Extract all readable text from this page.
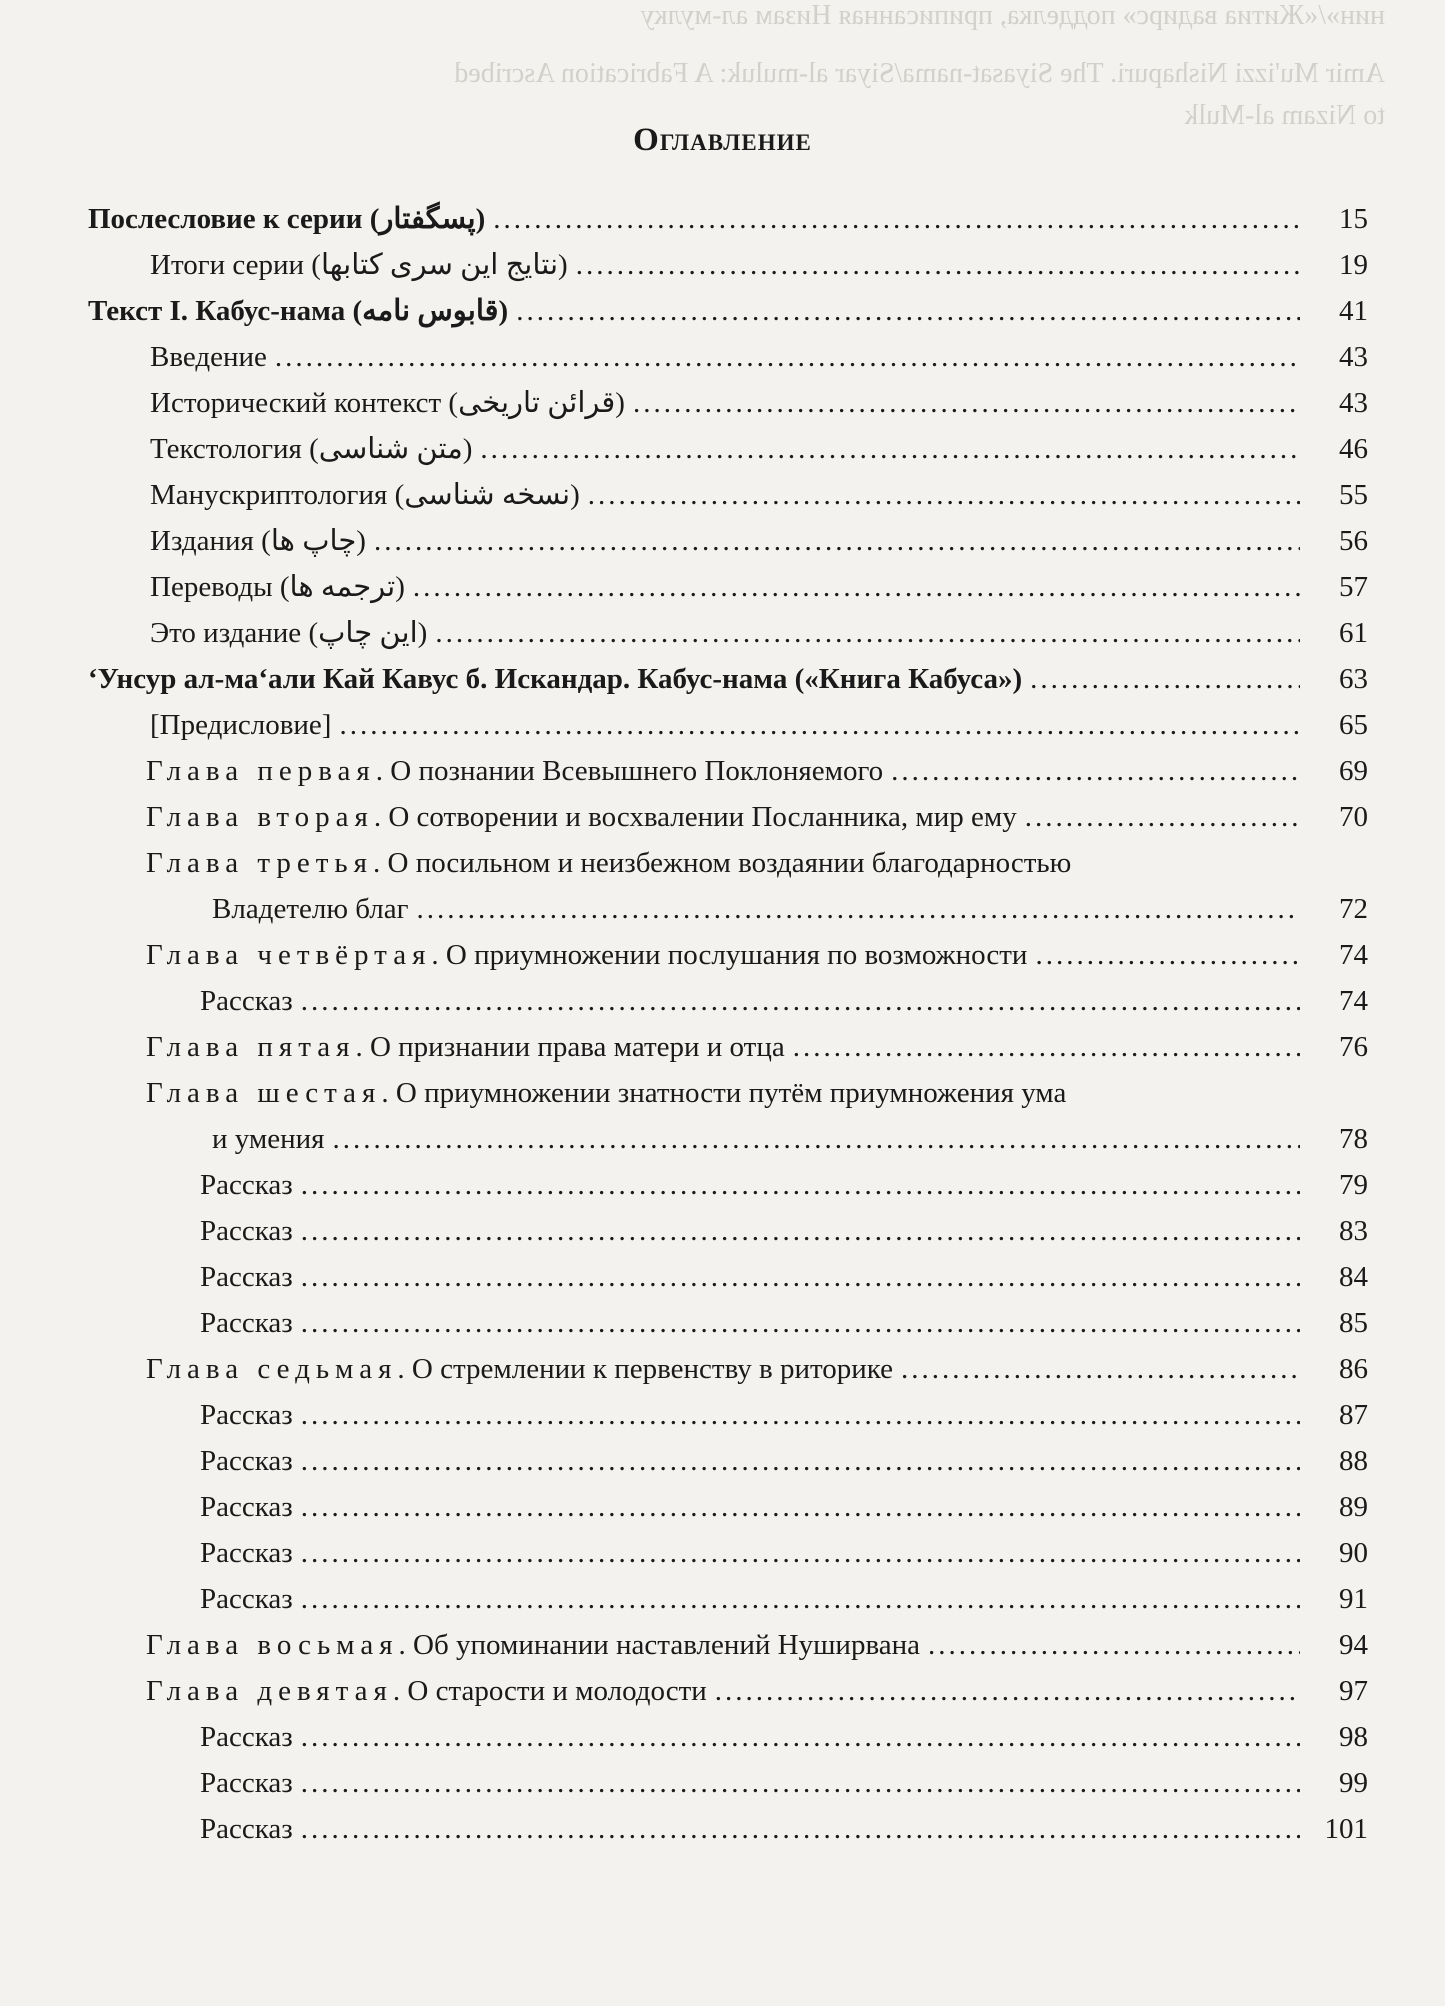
нин»/«Житиа вадирс» подделка, приписанная Низам ал-мулку
Amir Mu'izzi Nishapuri. The Siyasat-nama/Siyar al-muluk: A Fabrication Ascribed
to Nizam al-Mulk
Оглавление
Послесловие к серии (پسگفتار) .....	15
Итоги серии (نتایج این سری کتابها) .....	19
Текст I. Кабус-нама (قابوس نامه) .....	41
Введение .....	43
Исторический контекст (قرائن تاریخی) .....	43
Текстология (متن شناسی) .....	46
Манускриптология (نسخه شناسی) .....	55
Издания (چاپ ها) .....	56
Переводы (ترجمه ها) .....	57
Это издание (این چاپ) .....	61
‘Унсур ал-ма‘али Кай Кавус б. Искандар. Кабус-нама («Книга Кабуса») .....	63
[Предисловие] .....	65
Глава первая. О познании Всевышнего Поклоняемого .....	69
Глава вторая. О сотворении и восхвалении Посланника, мир ему .....	70
Глава третья. О посильном и неизбежном воздаянии благодарностью
Владетелю благ .....	72
Глава четвёртая. О приумножении послушания по возможности .....	74
Рассказ .....	74
Глава пятая. О признании права матери и отца .....	76
Глава шестая. О приумножении знатности путём приумножения ума
и умения .....	78
Рассказ .....	79
Рассказ .....	83
Рассказ .....	84
Рассказ .....	85
Глава седьмая. О стремлении к первенству в риторике .....	86
Рассказ .....	87
Рассказ .....	88
Рассказ .....	89
Рассказ .....	90
Рассказ .....	91
Глава восьмая. Об упоминании наставлений Нуширвана .....	94
Глава девятая. О старости и молодости .....	97
Рассказ .....	98
Рассказ .....	99
Рассказ .....	101
